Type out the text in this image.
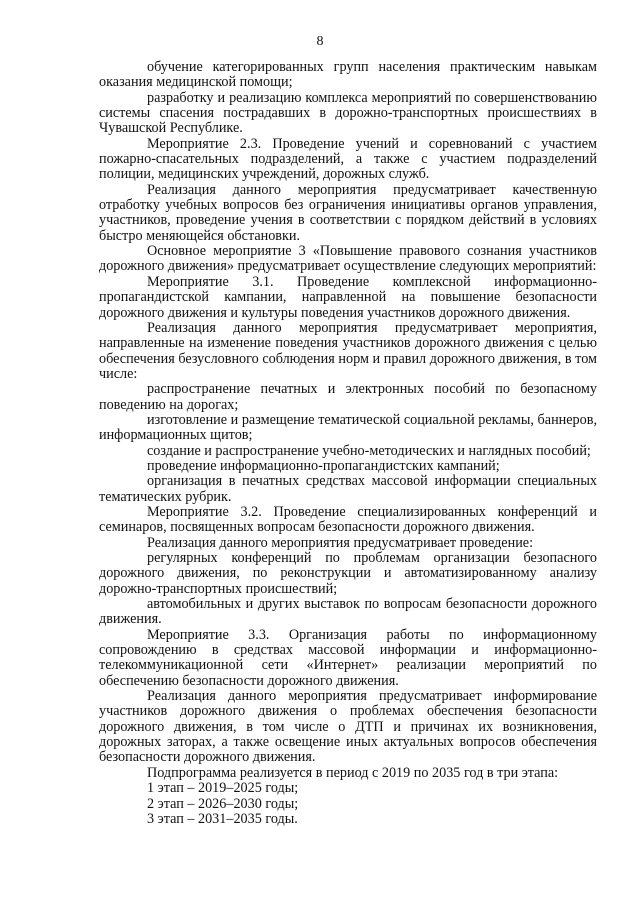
8

обучение категорированных групп населения практическим навыкам оказания медицинской помощи;

разработку и реализацию комплекса мероприятий по совершенствованию системы спасения пострадавших в дорожно-транспортных происшествиях в Чувашской Республике.

Мероприятие 2.3. Проведение учений и соревнований с участием пожарно-спасательных подразделений, а также с участием подразделений полиции, медицинских учреждений, дорожных служб.

Реализация данного мероприятия предусматривает качественную отработку учебных вопросов без ограничения инициативы органов управления, участников, проведение учения в соответствии с порядком действий в условиях быстро меняющейся обстановки.

Основное мероприятие 3 «Повышение правового сознания участников дорожного движения» предусматривает осуществление следующих мероприятий:

Мероприятие 3.1. Проведение комплексной информационно-пропагандистской кампании, направленной на повышение безопасности дорожного движения и культуры поведения участников дорожного движения.

Реализация данного мероприятия предусматривает мероприятия, направленные на изменение поведения участников дорожного движения с целью обеспечения безусловного соблюдения норм и правил дорожного движения, в том числе:

распространение печатных и электронных пособий по безопасному поведению на дорогах;

изготовление и размещение тематической социальной рекламы, баннеров, информационных щитов;

создание и распространение учебно-методических и наглядных пособий;

проведение информационно-пропагандистских кампаний;

организация в печатных средствах массовой информации специальных тематических рубрик.

Мероприятие 3.2. Проведение специализированных конференций и семинаров, посвященных вопросам безопасности дорожного движения.

Реализация данного мероприятия предусматривает проведение:

регулярных конференций по проблемам организации безопасного дорожного движения, по реконструкции и автоматизированному анализу дорожно-транспортных происшествий;

автомобильных и других выставок по вопросам безопасности дорожного движения.

Мероприятие 3.3. Организация работы по информационному сопровождению в средствах массовой информации и информационно-телекоммуникационной сети «Интернет» реализации мероприятий по обеспечению безопасности дорожного движения.

Реализация данного мероприятия предусматривает информирование участников дорожного движения о проблемах обеспечения безопасности дорожного движения, в том числе о ДТП и причинах их возникновения, дорожных заторах, а также освещение иных актуальных вопросов обеспечения безопасности дорожного движения.

Подпрограмма реализуется в период с 2019 по 2035 год в три этапа:

1 этап – 2019–2025 годы;

2 этап – 2026–2030 годы;

3 этап – 2031–2035 годы.
